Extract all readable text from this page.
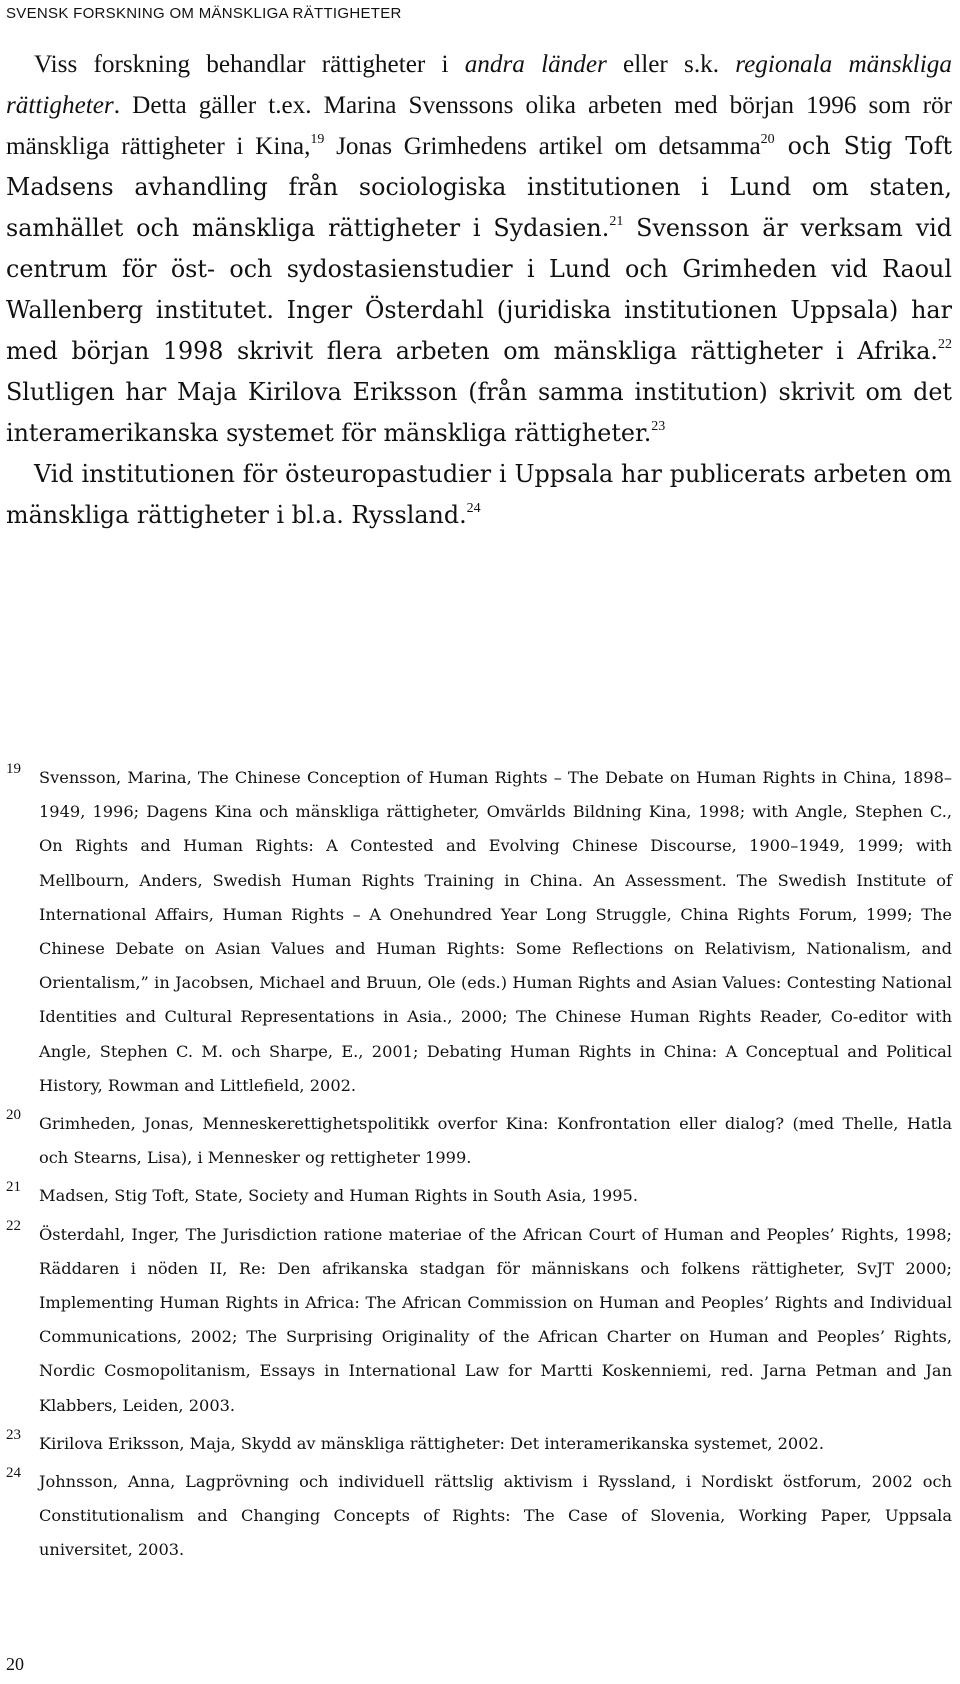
SVENSK FORSKNING OM MÄNSKLIGA RÄTTIGHETER

Viss forskning behandlar rättigheter i andra länder eller s.k. regionala mänskliga rättigheter. Detta gäller t.ex. Marina Svenssons olika arbeten med början 1996 som rör mänskliga rättigheter i Kina,$^{19}$ Jonas Grimhedens artikel om detsamma$^{20}$ och Stig Toft Madsens avhandling från sociologiska institutionen i Lund om staten, samhället och mänskliga rättigheter i Sydasien.$^{21}$ Svensson är verksam vid centrum för öst- och sydostasienstudier i Lund och Grimheden vid Raoul Wallenberg institutet. Inger Österdahl (juridiska institutionen Uppsala) har med början 1998 skrivit flera arbeten om mänskliga rättigheter i Afrika.$^{22}$ Slutligen har Maja Kirilova Eriksson (från samma institution) skrivit om det interamerikanska systemet för mänskliga rättigheter.$^{23}$

Vid institutionen för östeuropastudier i Uppsala har publicerats arbeten om mänskliga rättigheter i bl.a. Ryssland.$^{24}$

19 Svensson, Marina, The Chinese Conception of Human Rights – The Debate on Human Rights in China, 1898–1949, 1996; Dagens Kina och mänskliga rättigheter, Omvärlds Bildning Kina, 1998; with Angle, Stephen C., On Rights and Human Rights: A Contested and Evolving Chinese Discourse, 1900–1949, 1999; with Mellbourn, Anders, Swedish Human Rights Training in China. An Assessment. The Swedish Institute of International Affairs, Human Rights – A Onehundred Year Long Struggle, China Rights Forum, 1999; The Chinese Debate on Asian Values and Human Rights: Some Reflections on Relativism, Nationalism, and Orientalism,” in Jacobsen, Michael and Bruun, Ole (eds.) Human Rights and Asian Values: Contesting National Identities and Cultural Representations in Asia., 2000; The Chinese Human Rights Reader, Co-editor with Angle, Stephen C. M. och Sharpe, E., 2001; Debating Human Rights in China: A Conceptual and Political History, Rowman and Littlefield, 2002.
20 Grimheden, Jonas, Menneskerettighetspolitikk overfor Kina: Konfrontation eller dialog? (med Thelle, Hatla och Stearns, Lisa), i Mennesker og rettigheter 1999.
21 Madsen, Stig Toft, State, Society and Human Rights in South Asia, 1995.
22 Österdahl, Inger, The Jurisdiction ratione materiae of the African Court of Human and Peoples’ Rights, 1998; Räddaren i nöden II, Re: Den afrikanska stadgan för människans och folkens rättigheter, SvJT 2000; Implementing Human Rights in Africa: The African Commission on Human and Peoples’ Rights and Individual Communications, 2002; The Surprising Originality of the African Charter on Human and Peoples’ Rights, Nordic Cosmopolitanism, Essays in International Law for Martti Koskenniemi, red. Jarna Petman and Jan Klabbers, Leiden, 2003.
23 Kirilova Eriksson, Maja, Skydd av mänskliga rättigheter: Det interamerikanska systemet, 2002.
24 Johnsson, Anna, Lagprövning och individuell rättslig aktivism i Ryssland, i Nordiskt östforum, 2002 och Constitutionalism and Changing Concepts of Rights: The Case of Slovenia, Working Paper, Uppsala universitet, 2003.
20
